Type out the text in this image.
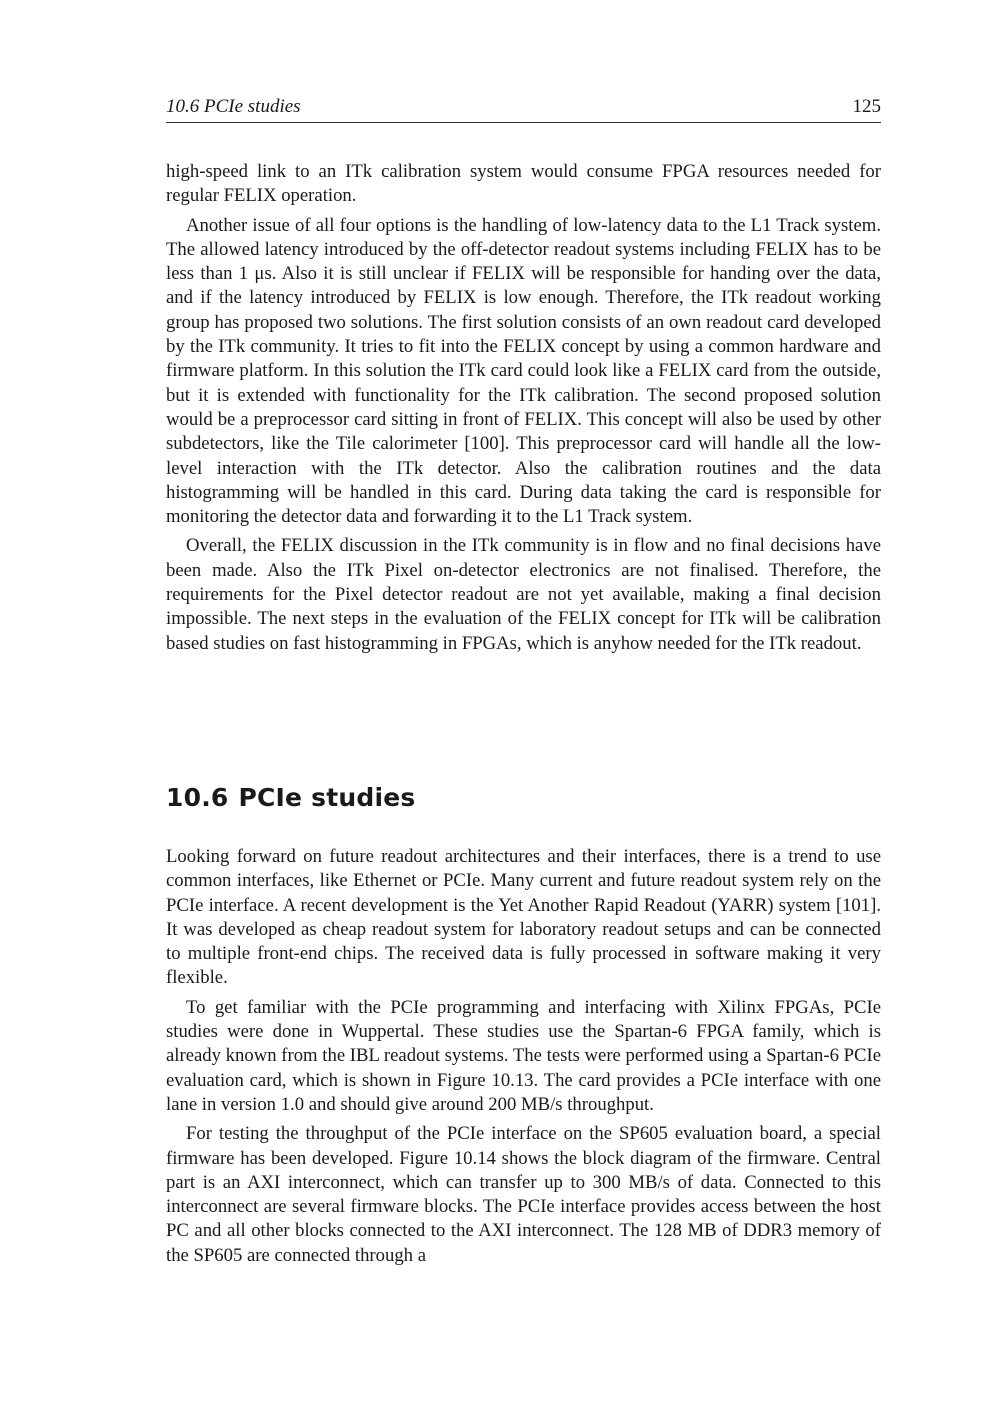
10.6 PCIe studies	125

high-speed link to an ITk calibration system would consume FPGA resources needed for regular FELIX operation.

Another issue of all four options is the handling of low-latency data to the L1 Track system. The allowed latency introduced by the off-detector readout systems including FELIX has to be less than 1 μs. Also it is still unclear if FELIX will be responsible for handing over the data, and if the latency introduced by FELIX is low enough. Therefore, the ITk readout working group has proposed two solutions. The first solution consists of an own readout card developed by the ITk community. It tries to fit into the FELIX concept by using a common hardware and firmware platform. In this solution the ITk card could look like a FELIX card from the outside, but it is extended with functionality for the ITk calibration. The second proposed solution would be a preprocessor card sitting in front of FELIX. This concept will also be used by other subdetectors, like the Tile calorimeter [100]. This preprocessor card will handle all the low-level interaction with the ITk detector. Also the calibration routines and the data histogramming will be handled in this card. During data taking the card is responsible for monitoring the detector data and forwarding it to the L1 Track system.

Overall, the FELIX discussion in the ITk community is in flow and no final decisions have been made. Also the ITk Pixel on-detector electronics are not finalised. Therefore, the requirements for the Pixel detector readout are not yet available, making a final decision impossible. The next steps in the evaluation of the FELIX concept for ITk will be calibration based studies on fast histogramming in FPGAs, which is anyhow needed for the ITk readout.

10.6 PCIe studies

Looking forward on future readout architectures and their interfaces, there is a trend to use common interfaces, like Ethernet or PCIe. Many current and future readout system rely on the PCIe interface. A recent development is the Yet Another Rapid Readout (YARR) system [101]. It was developed as cheap readout system for laboratory readout setups and can be connected to multiple front-end chips. The received data is fully processed in software making it very flexible.

To get familiar with the PCIe programming and interfacing with Xilinx FPGAs, PCIe studies were done in Wuppertal. These studies use the Spartan-6 FPGA family, which is already known from the IBL readout systems. The tests were performed using a Spartan-6 PCIe evaluation card, which is shown in Figure 10.13. The card provides a PCIe interface with one lane in version 1.0 and should give around 200 MB/s throughput.

For testing the throughput of the PCIe interface on the SP605 evaluation board, a special firmware has been developed. Figure 10.14 shows the block diagram of the firmware. Central part is an AXI interconnect, which can transfer up to 300 MB/s of data. Connected to this interconnect are several firmware blocks. The PCIe interface provides access between the host PC and all other blocks connected to the AXI interconnect. The 128 MB of DDR3 memory of the SP605 are connected through a
